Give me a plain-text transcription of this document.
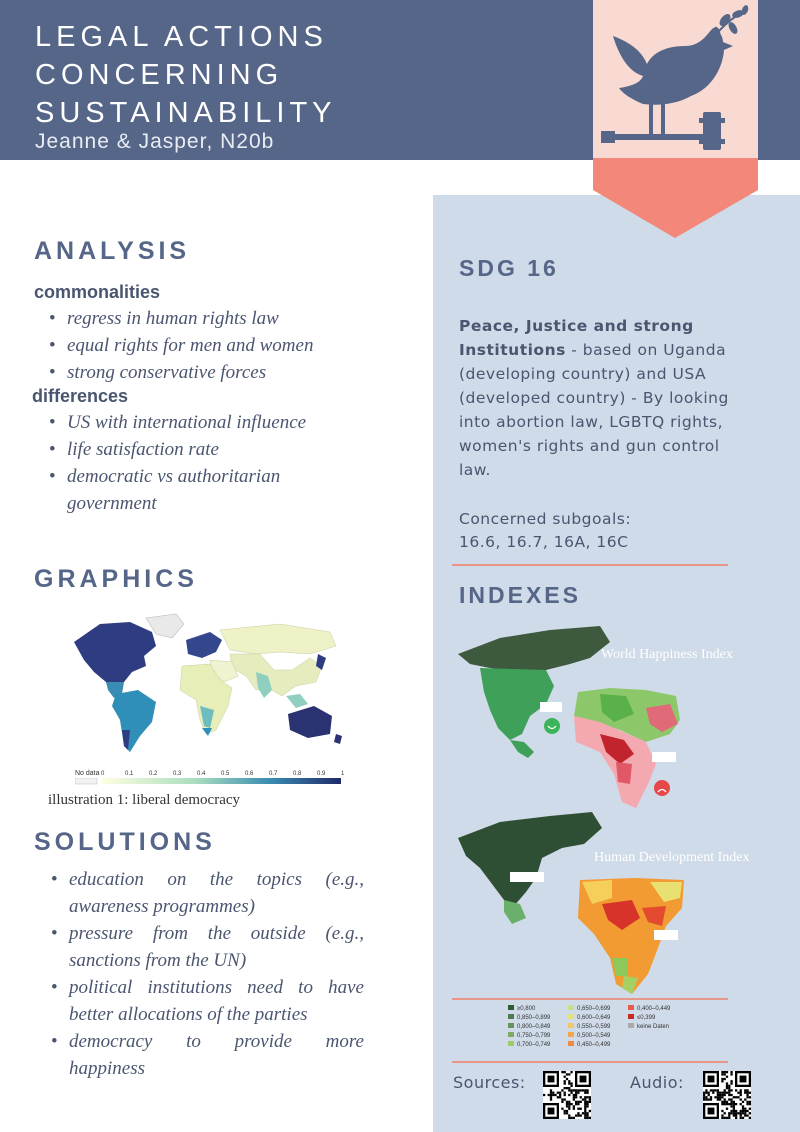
LEGAL ACTIONS
CONCERNING
SUSTAINABILITY
Jeanne & Jasper, N20b
ANALYSIS
commonalities
• regress in human rights law
• equal rights for men and women
• strong conservative forces
differences
• US with international influence
• life satisfaction rate
• democratic vs authoritarian government
GRAPHICS
No data 0	0.1	0.2	0.3	0.4	0.5	0.6	0.7	0.8	0.9	1
illustration 1: liberal democracy
SOLUTIONS
• education on the topics (e.g., awareness programmes)
• pressure from the outside (e.g., sanctions from the UN)
• political institutions need to have better allocations of the parties
• democracy to provide more happiness
SDG 16
Peace, Justice and strong Institutions - based on Uganda (developing country) and USA (developed country) - By looking into abortion law, LGBTQ rights, women's rights and gun control law.
Concerned subgoals:
16.6, 16.7, 16A, 16C
INDEXES
World Happiness Index
Human Development Index
≥0,800	0,650–0,699	0,400–0,449
0,850–0,899	0,600–0,649	≤0,399
0,800–0,849	0,550–0,599	keine Daten
0,750–0,799	0,500–0,549
0,700–0,749	0,450–0,499
Sources:	Audio:
